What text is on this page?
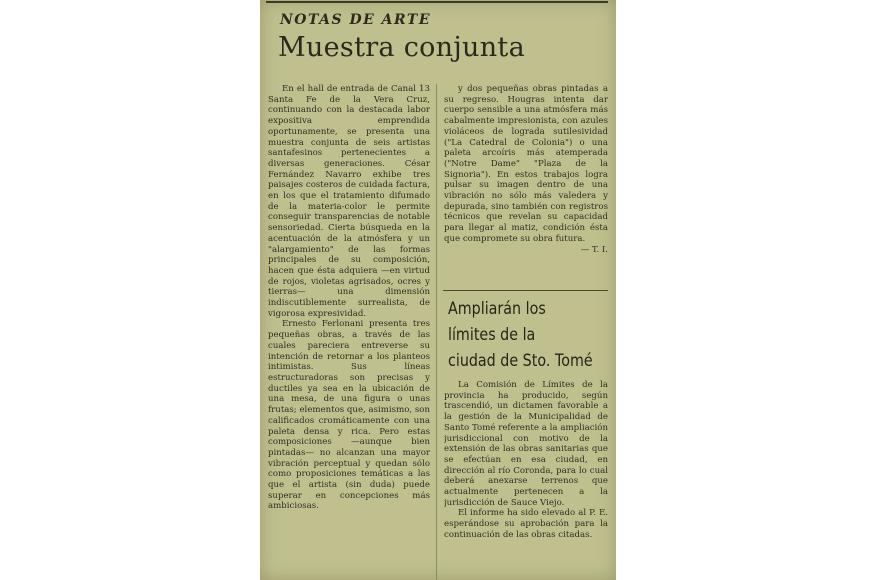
NOTAS DE ARTE
Muestra conjunta

En el hall de entrada de Canal 13 Santa Fe de la Vera Cruz, continuando con la destacada labor expositiva emprendida oportunamente, se presenta una muestra conjunta de seis artistas santafesinos pertenecientes a diversas generaciones. César Fernández Navarro exhibe tres paisajes costeros de cuidada factura, en los que el tratamiento difumado de la materia-color le permite conseguir transparencias de notable sensoriedad. Cierta búsqueda en la acentuación de la atmósfera y un "alargamiento" de las formas principales de su composición, hacen que ésta adquiera —en virtud de rojos, violetas agrisados, ocres y tierras— una dimensión indiscutiblemente surrealista, de vigorosa expresividad.

Ernesto Ferlonani presenta tres pequeñas obras, a través de las cuales pareciera entreverse su intención de retornar a los planteos intimistas. Sus líneas estructuradoras son precisas y ductiles ya sea en la ubicación de una mesa, de una figura o unas frutas; elementos que, asimismo, son calificados cromáticamente con una paleta densa y rica. Pero estas composiciones —aunque bien pintadas— no alcanzan una mayor vibración perceptual y quedan sólo como proposiciones temáticas a las que el artista (sin duda) puede superar en concepciones más ambiciosas.

y dos pequeñas obras pintadas a su regreso. Hougras intenta dar cuerpo sensible a una atmósfera más cabalmente impresionista, con azules violáceos de lograda sutilesividad ("La Catedral de Colonia") o una paleta arcoíris más atemperada ("Notre Dame" "Plaza de la Signoria"). En estos trabajos logra pulsar su imagen dentro de una vibración no sólo más valedera y depurada, sino también con registros técnicos que revelan su capacidad para llegar al matiz, condición ésta que compromete su obra futura.

— T. I.
Ampliarán los
límites de la
ciudad de Sto. Tomé

La Comisión de Límites de la provincia ha producido, según trascendió, un dictamen favorable a la gestión de la Municipalidad de Santo Tomé referente a la ampliación jurisdiccional con motivo de la extensión de las obras sanitarias que se efectúan en esa ciudad, en dirección al río Coronda, para lo cual deberá anexarse terrenos que actualmente pertenecen a la jurisdicción de Sauce Viejo.

El informe ha sido elevado al P. E. esperándose su aprobación para la continuación de las obras citadas.
